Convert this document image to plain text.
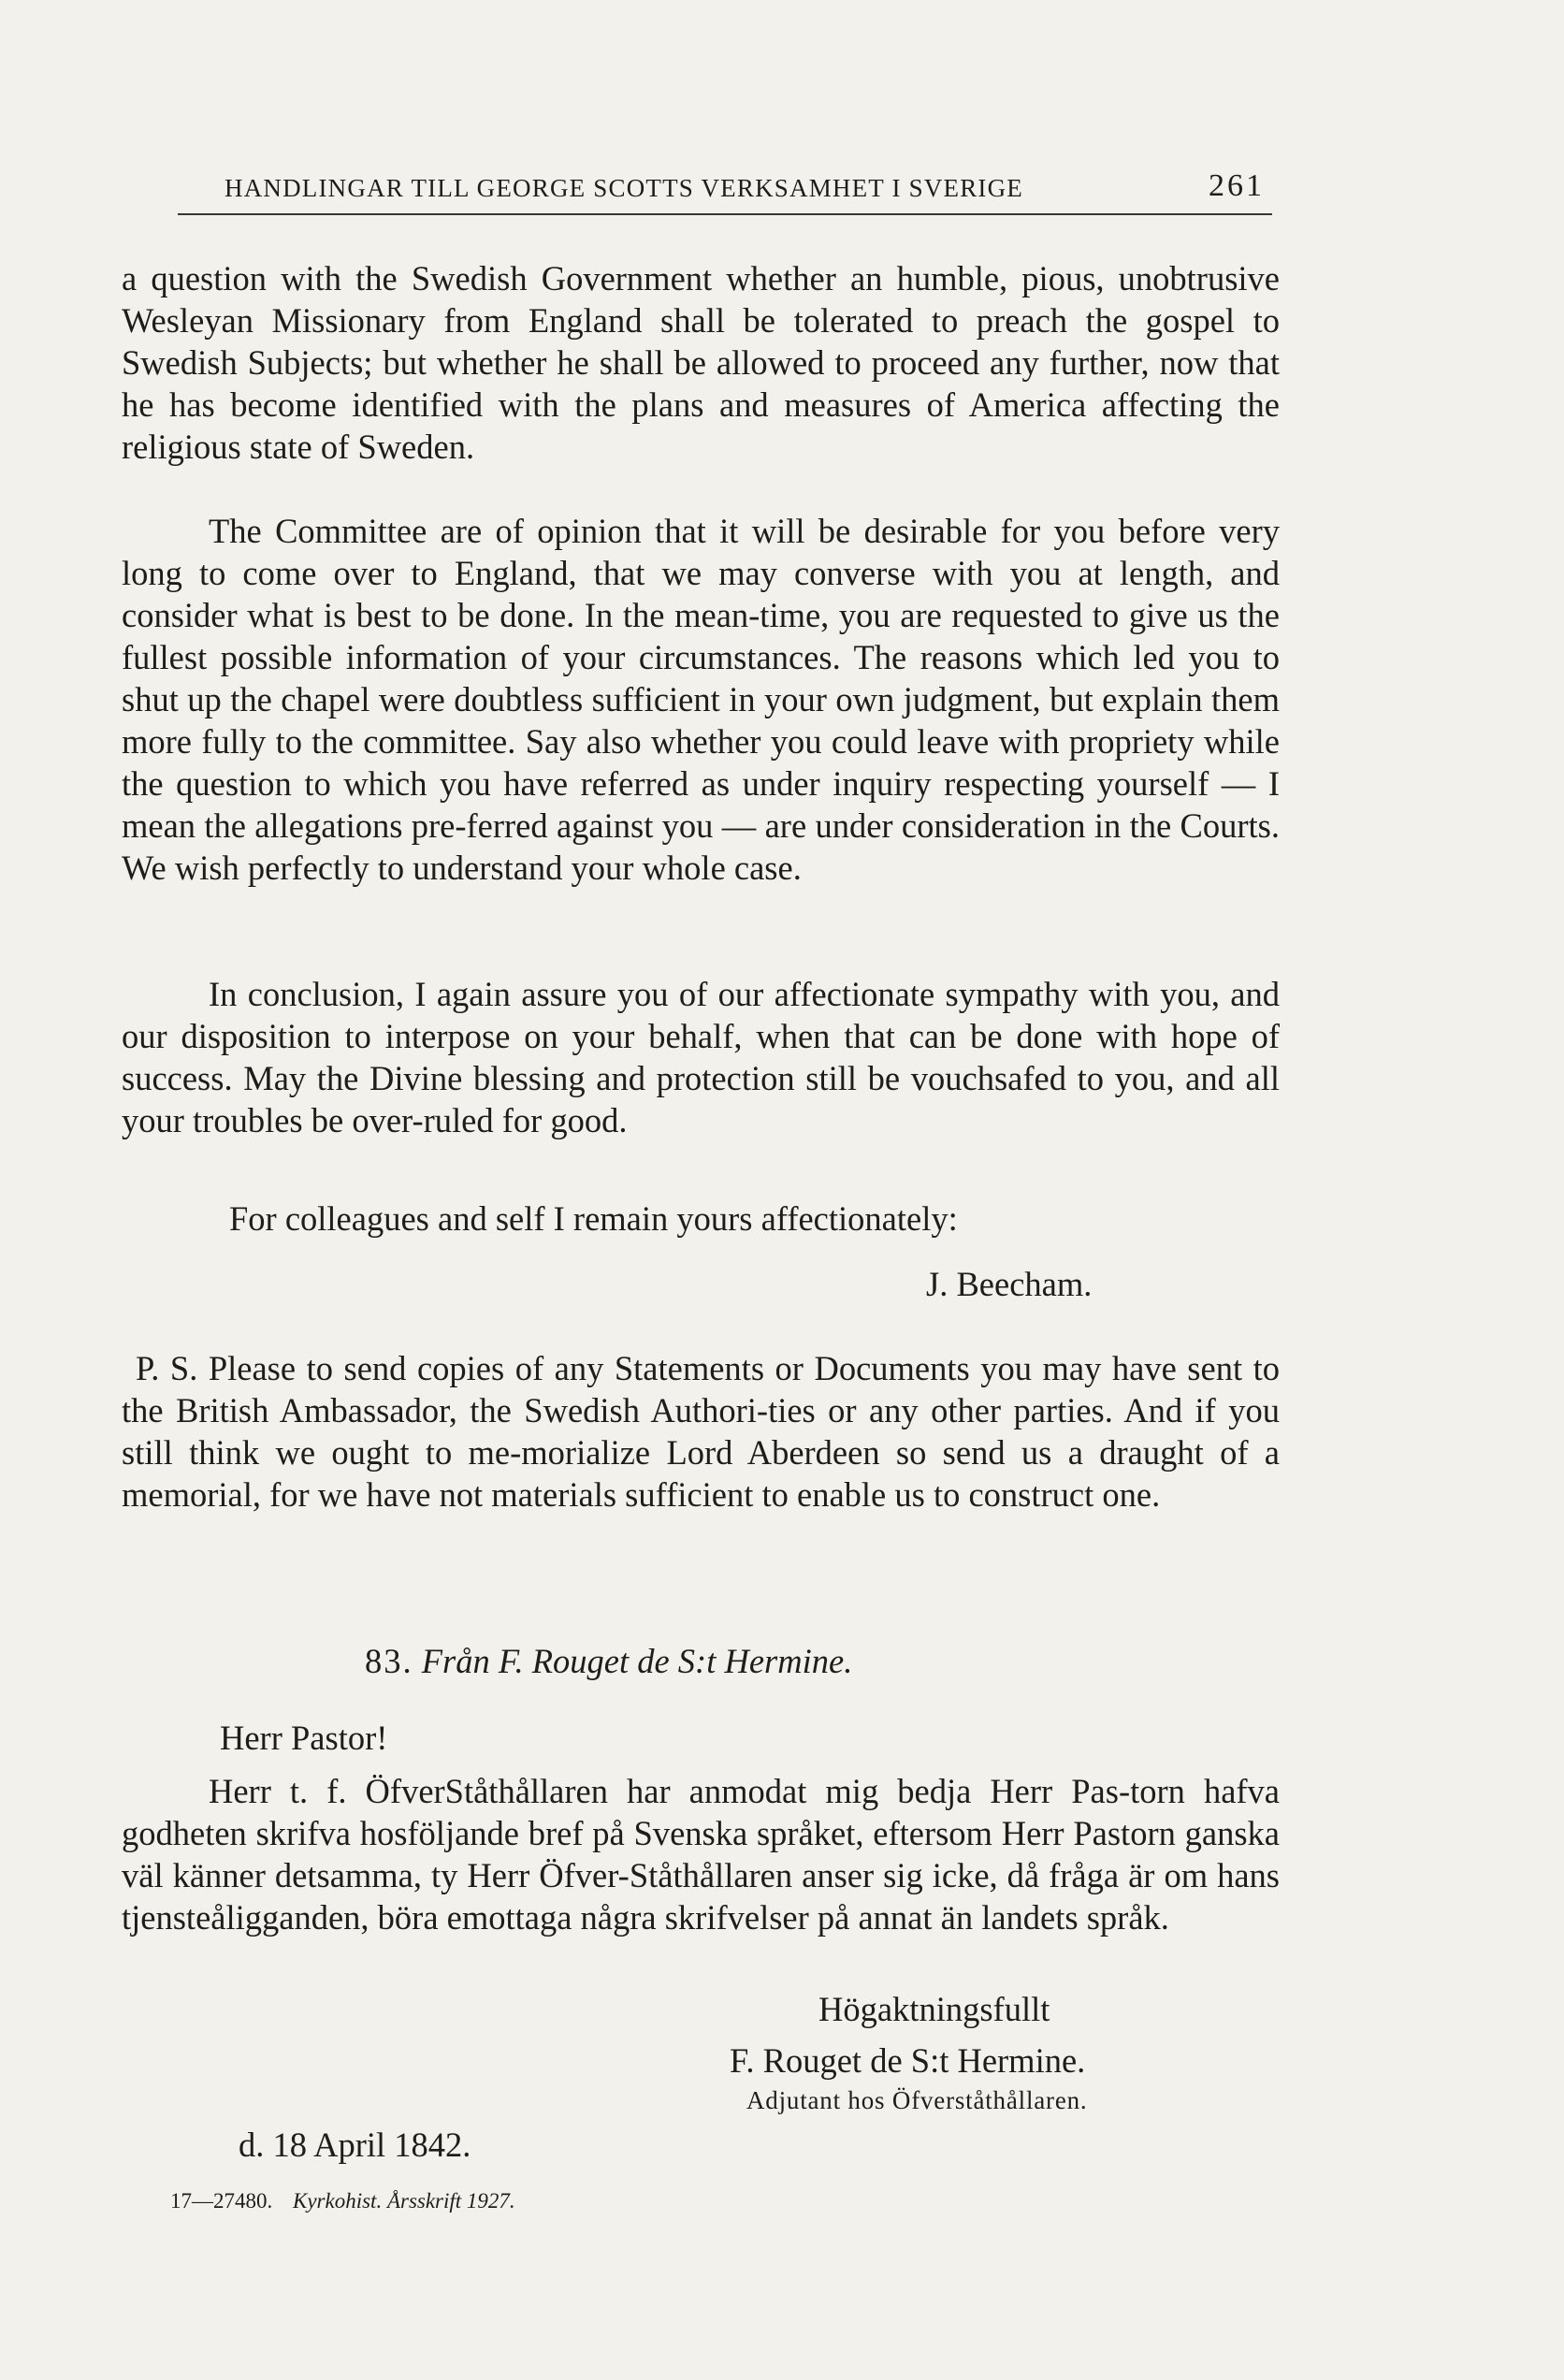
HANDLINGAR TILL GEORGE SCOTTS VERKSAMHET I SVERIGE	261

a question with the Swedish Government whether an humble, pious, unobtrusive Wesleyan Missionary from England shall be tolerated to preach the gospel to Swedish Subjects; but whether he shall be allowed to proceed any further, now that he has become identified with the plans and measures of America affecting the religious state of Sweden.

The Committee are of opinion that it will be desirable for you before very long to come over to England, that we may converse with you at length, and consider what is best to be done. In the mean-time, you are requested to give us the fullest possible information of your circumstances. The reasons which led you to shut up the chapel were doubtless sufficient in your own judgment, but explain them more fully to the committee. Say also whether you could leave with propriety while the question to which you have referred as under inquiry respecting yourself — I mean the allegations pre-ferred against you — are under consideration in the Courts. We wish perfectly to understand your whole case.

In conclusion, I again assure you of our affectionate sympathy with you, and our disposition to interpose on your behalf, when that can be done with hope of success. May the Divine blessing and protection still be vouchsafed to you, and all your troubles be over-ruled for good.

For colleagues and self I remain yours affectionately:
J. Beecham.

P. S. Please to send copies of any Statements or Documents you may have sent to the British Ambassador, the Swedish Authori-ties or any other parties. And if you still think we ought to me-morialize Lord Aberdeen so send us a draught of a memorial, for we have not materials sufficient to enable us to construct one.

83. Från F. Rouget de S:t Hermine.
Herr Pastor!

Herr t. f. ÖfverStåthållaren har anmodat mig bedja Herr Pas-torn hafva godheten skrifva hosföljande bref på Svenska språket, eftersom Herr Pastorn ganska väl känner detsamma, ty Herr Öfver-Ståthållaren anser sig icke, då fråga är om hans tjensteåligganden, böra emottaga några skrifvelser på annat än landets språk.

Högaktningsfullt
F. Rouget de S:t Hermine.
Adjutant hos Öfverståthållaren.
d. 18 April 1842.
17—27480. Kyrkohist. Årsskrift 1927.
